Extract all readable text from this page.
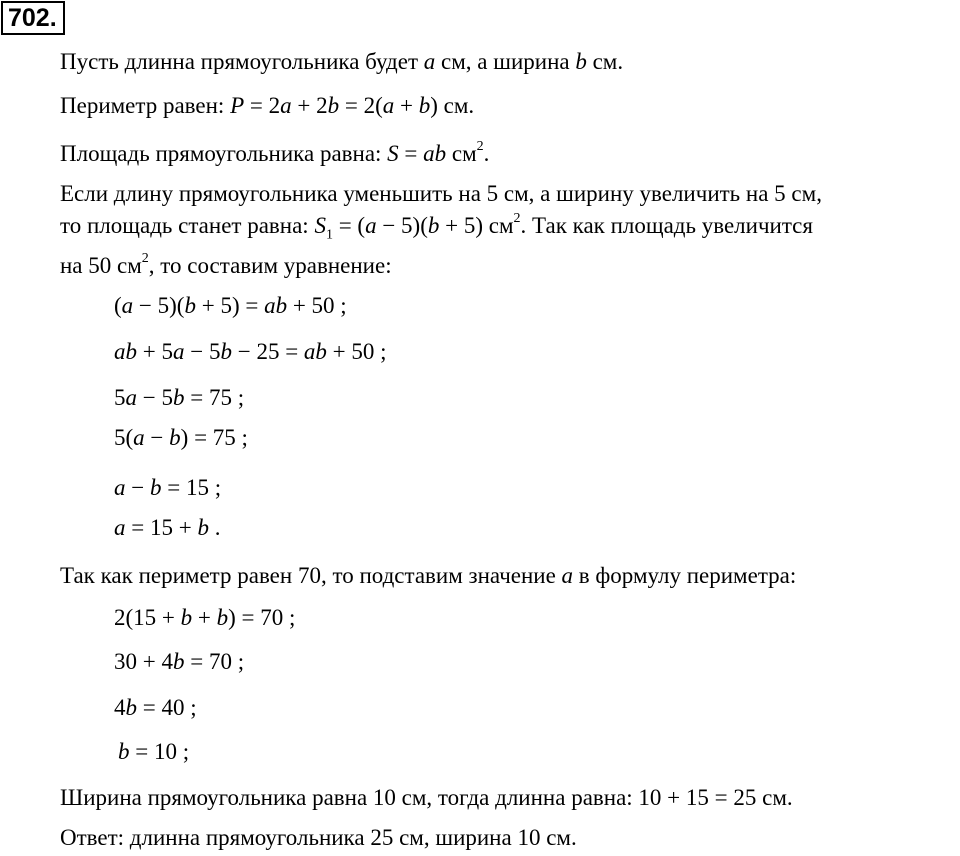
702.
Пусть длинна прямоугольника будет a см, а ширина b см.
Периметр равен: P = 2a + 2b = 2(a + b) см.
Площадь прямоугольника равна: S = ab $см^2$.
Если длину прямоугольника уменьшить на 5 см, а ширину увеличить на 5 см,
то площадь станет равна: $S_1 = (a - 5)(b + 5)$ $см^2$. Так как площадь увеличится
на 50 $см^2$, то составим уравнение:
(a − 5)(b + 5) = ab + 50 ;
ab + 5a − 5b − 25 = ab + 50 ;
5a − 5b = 75 ;
5(a − b) = 75 ;
a − b = 15 ;
a = 15 + b .
Так как периметр равен 70, то подставим значение a в формулу периметра:
2(15 + b + b) = 70 ;
30 + 4b = 70 ;
4b = 40 ;
b = 10 ;
Ширина прямоугольника равна 10 см, тогда длинна равна: 10 + 15 = 25 см.
Ответ: длинна прямоугольника 25 см, ширина 10 см.
